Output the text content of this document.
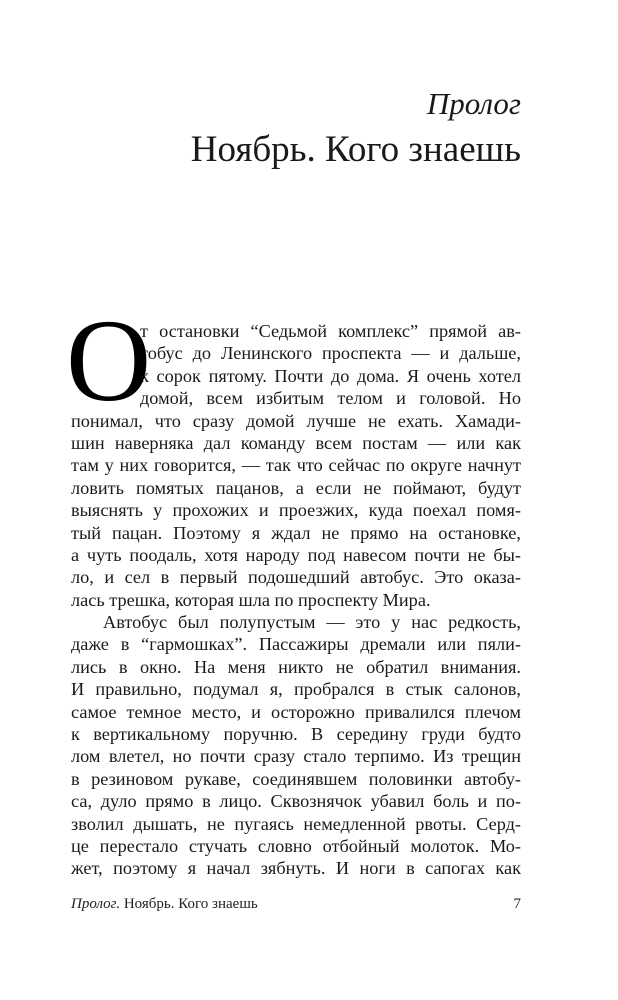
Пролог
Ноябрь. Кого знаешь
О
т остановки “Седьмой комплекс” прямой ав-
тобус до Ленинского проспекта — и дальше,
к сорок пятому. Почти до дома. Я очень хотел
домой, всем избитым телом и головой. Но
понимал, что сразу домой лучше не ехать. Хамади-
шин наверняка дал команду всем постам — или как
там у них говорится, — так что сейчас по округе начнут
ловить помятых пацанов, а если не поймают, будут
выяснять у прохожих и проезжих, куда поехал помя-
тый пацан. Поэтому я ждал не прямо на остановке,
а чуть поодаль, хотя народу под навесом почти не бы-
ло, и сел в первый подошедший автобус. Это оказа-
лась трешка, которая шла по проспекту Мира.
Автобус был полупустым — это у нас редкость,
даже в “гармошках”. Пассажиры дремали или пяли-
лись в окно. На меня никто не обратил внимания.
И правильно, подумал я, пробрался в стык салонов,
самое темное место, и осторожно привалился плечом
к вертикальному поручню. В середину груди будто
лом влетел, но почти сразу стало терпимо. Из трещин
в резиновом рукаве, соединявшем половинки автобу-
са, дуло прямо в лицо. Сквознячок убавил боль и по-
зволил дышать, не пугаясь немедленной рвоты. Серд-
це перестало стучать словно отбойный молоток. Мо-
жет, поэтому я начал зябнуть. И ноги в сапогах как
Пролог. Ноябрь. Кого знаешь	7
